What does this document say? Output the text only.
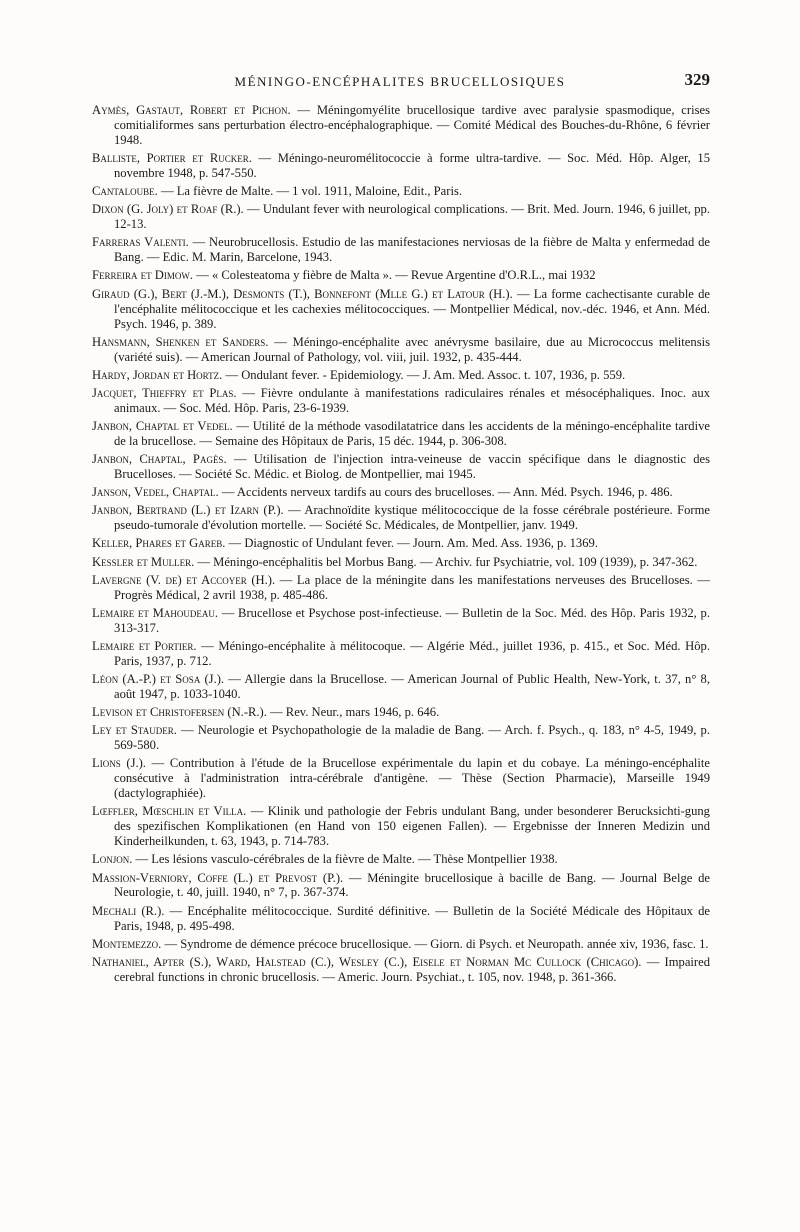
MÉNINGO-ENCÉPHALITES BRUCELLOSIQUES	329

Aymès, Gastaut, Robert et Pichon. — Méningomyélite brucellosique tardive avec paralysie spasmodique, crises comitialiformes sans perturbation électro-encéphalographique. — Comité Médical des Bouches-du-Rhône, 6 février 1948.

Balliste, Portier et Rucker. — Méningo-neuromélitococcie à forme ultra-tardive. — Soc. Méd. Hôp. Alger, 15 novembre 1948, p. 547-550.

Cantaloube. — La fièvre de Malte. — 1 vol. 1911, Maloine, Edit., Paris.

Dixon (G. Joly) et Roaf (R.). — Undulant fever with neurological complications. — Brit. Med. Journ. 1946, 6 juillet, pp. 12-13.

Farreras Valenti. — Neurobrucellosis. Estudio de las manifestaciones nerviosas de la fièbre de Malta y enfermedad de Bang. — Edic. M. Marin, Barcelone, 1943.

Ferreira et Dimow. — « Colesteatoma y fièbre de Malta ». — Revue Argentine d'O.R.L., mai 1932

Giraud (G.), Bert (J.-M.), Desmonts (T.), Bonnefont (Mlle G.) et Latour (H.). — La forme cachectisante curable de l'encéphalite mélitococcique et les cachexies mélitococciques. — Montpellier Médical, nov.-déc. 1946, et Ann. Méd. Psych. 1946, p. 389.

Hansmann, Shenken et Sanders. — Méningo-encéphalite avec anévrysme basilaire, due au Micrococcus melitensis (variété suis). — American Journal of Pathology, vol. viii, juil. 1932, p. 435-444.

Hardy, Jordan et Hortz. — Ondulant fever. - Epidemiology. — J. Am. Med. Assoc. t. 107, 1936, p. 559.

Jacquet, Thieffry et Plas. — Fièvre ondulante à manifestations radiculaires rénales et mésocéphaliques. Inoc. aux animaux. — Soc. Méd. Hôp. Paris, 23-6-1939.

Janbon, Chaptal et Vedel. — Utilité de la méthode vasodilatatrice dans les accidents de la méningo-encéphalite tardive de la brucellose. — Semaine des Hôpitaux de Paris, 15 déc. 1944, p. 306-308.

Janbon, Chaptal, Pagès. — Utilisation de l'injection intra-veineuse de vaccin spécifique dans le diagnostic des Brucelloses. — Société Sc. Médic. et Biolog. de Montpellier, mai 1945.

Janson, Vedel, Chaptal. — Accidents nerveux tardifs au cours des brucelloses. — Ann. Méd. Psych. 1946, p. 486.

Janbon, Bertrand (L.) et Izarn (P.). — Arachnoïdite kystique mélitococcique de la fosse cérébrale postérieure. Forme pseudo-tumorale d'évolution mortelle. — Société Sc. Médicales, de Montpellier, janv. 1949.

Keller, Phares et Gareb. — Diagnostic of Undulant fever. — Journ. Am. Med. Ass. 1936, p. 1369.

Kessler et Muller. — Méningo-encéphalitis bel Morbus Bang. — Archiv. fur Psychiatrie, vol. 109 (1939), p. 347-362.

Lavergne (V. de) et Accoyer (H.). — La place de la méningite dans les manifestations nerveuses des Brucelloses. — Progrès Médical, 2 avril 1938, p. 485-486.

Lemaire et Mahoudeau. — Brucellose et Psychose post-infectieuse. — Bulletin de la Soc. Méd. des Hôp. Paris 1932, p. 313-317.

Lemaire et Portier. — Méningo-encéphalite à mélitocoque. — Algérie Méd., juillet 1936, p. 415., et Soc. Méd. Hôp. Paris, 1937, p. 712.

Léon (A.-P.) et Sosa (J.). — Allergie dans la Brucellose. — American Journal of Public Health, New-York, t. 37, n° 8, août 1947, p. 1033-1040.

Levison et Christofersen (N.-R.). — Rev. Neur., mars 1946, p. 646.

Ley et Stauder. — Neurologie et Psychopathologie de la maladie de Bang. — Arch. f. Psych., q. 183, n° 4-5, 1949, p. 569-580.

Lions (J.). — Contribution à l'étude de la Brucellose expérimentale du lapin et du cobaye. La méningo-encéphalite consécutive à l'administration intra-cérébrale d'antigène. — Thèse (Section Pharmacie), Marseille 1949 (dactylographiée).

Lœffler, Mœschlin et Villa. — Klinik und pathologie der Febris undulant Bang, under besonderer Berucksichti-gung des spezifischen Komplikationen (en Hand von 150 eigenen Fallen). — Ergebnisse der Inneren Medizin und Kinderheilkunden, t. 63, 1943, p. 714-783.

Lonjon. — Les lésions vasculo-cérébrales de la fièvre de Malte. — Thèse Montpellier 1938.

Massion-Verniory, Coffe (L.) et Prevost (P.). — Méningite brucellosique à bacille de Bang. — Journal Belge de Neurologie, t. 40, juill. 1940, n° 7, p. 367-374.

Mechali (R.). — Encéphalite mélitococcique. Surdité définitive. — Bulletin de la Société Médicale des Hôpitaux de Paris, 1948, p. 495-498.

Montemezzo. — Syndrome de démence précoce brucellosique. — Giorn. di Psych. et Neuropath. année xiv, 1936, fasc. 1.

Nathaniel, Apter (S.), Ward, Halstead (C.), Wesley (C.), Eisele et Norman Mc Cullock (Chicago). — Impaired cerebral functions in chronic brucellosis. — Americ. Journ. Psychiat., t. 105, nov. 1948, p. 361-366.
